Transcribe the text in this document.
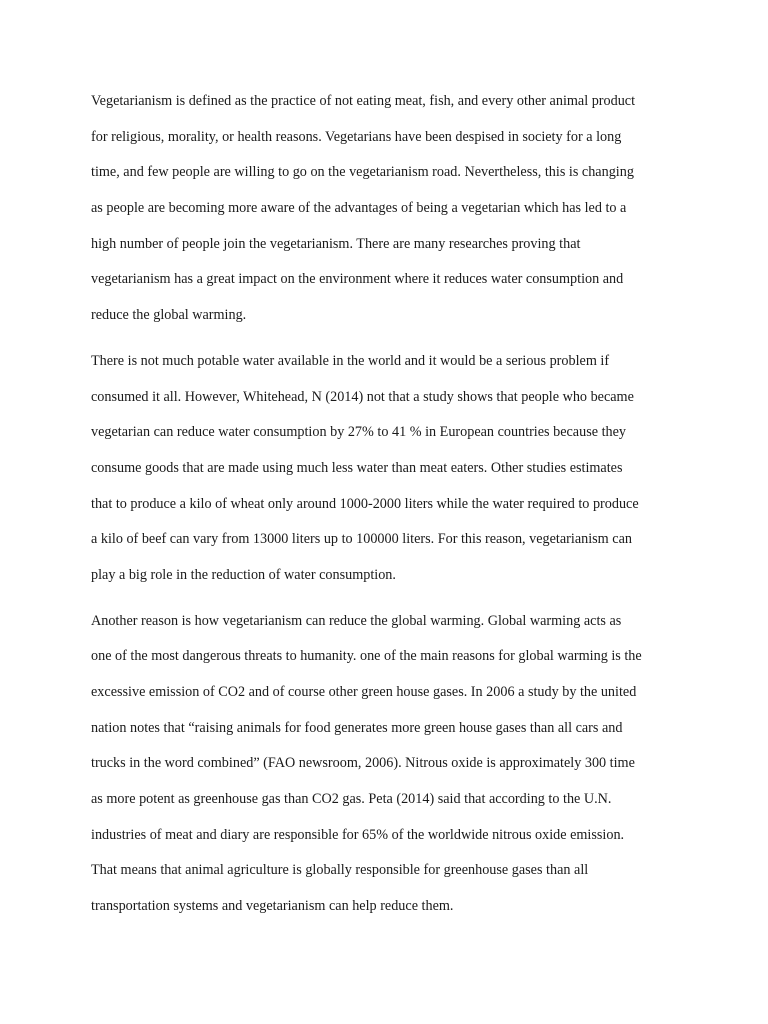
Vegetarianism is defined as the practice of not eating meat, fish, and every other animal product
for religious, morality, or health reasons. Vegetarians have been despised in society for a long
time, and few people are willing to go on the vegetarianism road. Nevertheless, this is changing
as people are becoming more aware of the advantages of being a vegetarian which has led to a
high number of people join the vegetarianism. There are many researches proving that
vegetarianism has a great impact on the environment where it reduces water consumption and
reduce the global warming.

There is not much potable water available in the world and it would be a serious problem if
consumed it all. However, Whitehead, N (2014) not that a study shows that people who became
vegetarian can reduce water consumption by 27% to 41 % in European countries because they
consume goods that are made using much less water than meat eaters. Other studies estimates
that to produce a kilo of wheat only around 1000-2000 liters while the water required to produce
a kilo of beef can vary from 13000 liters up to 100000 liters. For this reason, vegetarianism can
play a big role in the reduction of water consumption.

Another reason is how vegetarianism can reduce the global warming. Global warming acts as
one of the most dangerous threats to humanity. one of the main reasons for global warming is the
excessive emission of CO2 and of course other green house gases. In 2006 a study by the united
nation notes that “raising animals for food generates more green house gases than all cars and
trucks in the word combined” (FAO newsroom, 2006). Nitrous oxide is approximately 300 time
as more potent as greenhouse gas than CO2 gas. Peta (2014) said that according to the U.N.
industries of meat and diary are responsible for 65% of the worldwide nitrous oxide emission.
That means that animal agriculture is globally responsible for greenhouse gases than all
transportation systems and vegetarianism can help reduce them.
